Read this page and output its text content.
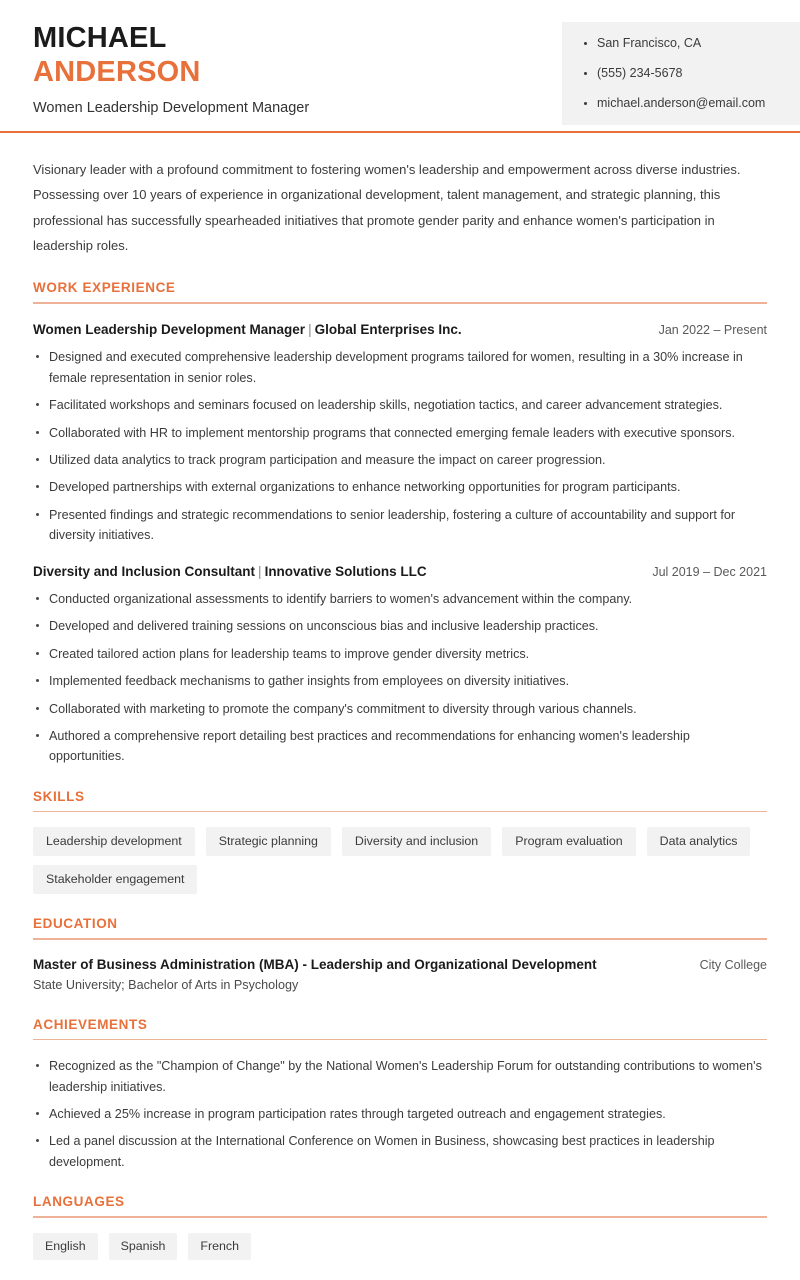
MICHAEL
ANDERSON
Women Leadership Development Manager
San Francisco, CA
(555) 234-5678
michael.anderson@email.com

Visionary leader with a profound commitment to fostering women's leadership and empowerment across diverse industries. Possessing over 10 years of experience in organizational development, talent management, and strategic planning, this professional has successfully spearheaded initiatives that promote gender parity and enhance women's participation in leadership roles.

WORK EXPERIENCE
Women Leadership Development Manager | Global Enterprises Inc.	Jan 2022 – Present
Designed and executed comprehensive leadership development programs tailored for women, resulting in a 30% increase in female representation in senior roles.
Facilitated workshops and seminars focused on leadership skills, negotiation tactics, and career advancement strategies.
Collaborated with HR to implement mentorship programs that connected emerging female leaders with executive sponsors.
Utilized data analytics to track program participation and measure the impact on career progression.
Developed partnerships with external organizations to enhance networking opportunities for program participants.
Presented findings and strategic recommendations to senior leadership, fostering a culture of accountability and support for diversity initiatives.
Diversity and Inclusion Consultant | Innovative Solutions LLC	Jul 2019 – Dec 2021
Conducted organizational assessments to identify barriers to women's advancement within the company.
Developed and delivered training sessions on unconscious bias and inclusive leadership practices.
Created tailored action plans for leadership teams to improve gender diversity metrics.
Implemented feedback mechanisms to gather insights from employees on diversity initiatives.
Collaborated with marketing to promote the company's commitment to diversity through various channels.
Authored a comprehensive report detailing best practices and recommendations for enhancing women's leadership opportunities.
SKILLS
Leadership development	Strategic planning	Diversity and inclusion	Program evaluation	Data analytics
Stakeholder engagement
EDUCATION
Master of Business Administration (MBA) - Leadership and Organizational Development	City College
State University; Bachelor of Arts in Psychology
ACHIEVEMENTS
Recognized as the "Champion of Change" by the National Women's Leadership Forum for outstanding contributions to women's leadership initiatives.
Achieved a 25% increase in program participation rates through targeted outreach and engagement strategies.
Led a panel discussion at the International Conference on Women in Business, showcasing best practices in leadership development.
LANGUAGES
English	Spanish	French
